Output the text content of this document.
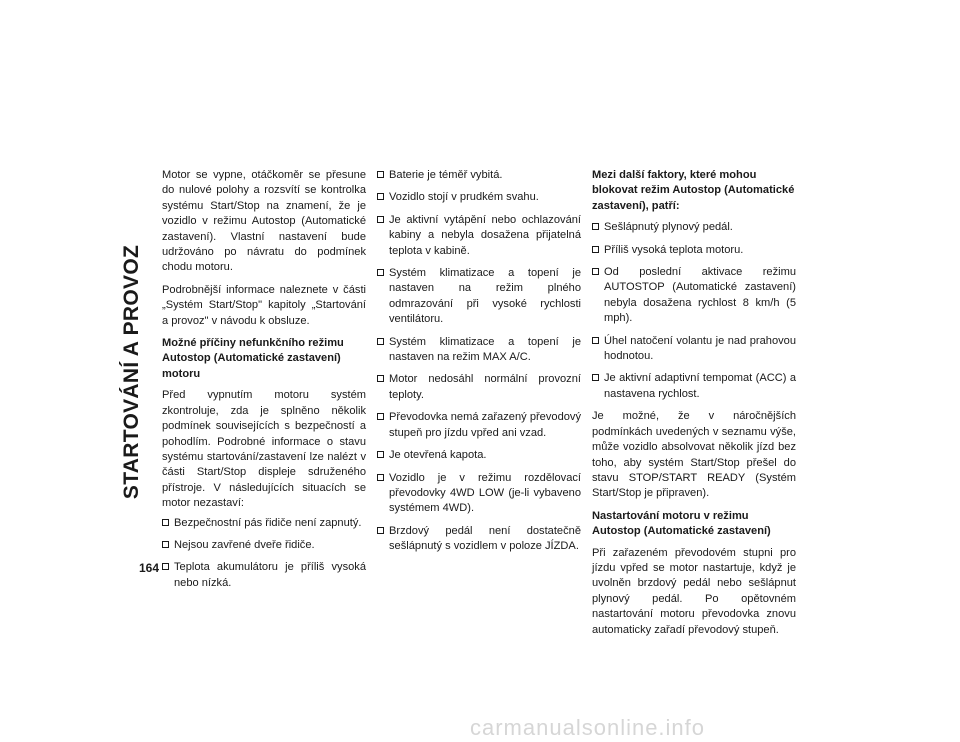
STARTOVÁNÍ A PROVOZ
164

Motor se vypne, otáčkoměr se přesune do nulové polohy a rozsvítí se kontrolka systému Start/Stop na znamení, že je vozidlo v režimu Autostop (Automatické zastavení). Vlastní nastavení bude udržováno po návratu do podmínek chodu motoru.

Podrobnější informace naleznete v části „Systém Start/Stop" kapitoly „Startování a provoz" v návodu k obsluze.

Možné příčiny nefunkčního režimu Autostop (Automatické zastavení) motoru

Před vypnutím motoru systém zkontroluje, zda je splněno několik podmínek souvisejících s bezpečností a pohodlím. Podrobné informace o stavu systému startování/zastavení lze nalézt v části Start/Stop displeje sdruženého přístroje. V následujících situacích se motor nezastaví:

Bezpečnostní pás řidiče není zapnutý.
Nejsou zavřené dveře řidiče.
Teplota akumulátoru je příliš vysoká nebo nízká.
Baterie je téměř vybitá.
Vozidlo stojí v prudkém svahu.
Je aktivní vytápění nebo ochlazování kabiny a nebyla dosažena přijatelná teplota v kabině.
Systém klimatizace a topení je nastaven na režim plného odmrazování při vysoké rychlosti ventilátoru.
Systém klimatizace a topení je nastaven na režim MAX A/C.
Motor nedosáhl normální provozní teploty.
Převodovka nemá zařazený převodový stupeň pro jízdu vpřed ani vzad.
Je otevřená kapota.
Vozidlo je v režimu rozdělovací převodovky 4WD LOW (je-li vybaveno systémem 4WD).
Brzdový pedál není dostatečně sešlápnutý s vozidlem v poloze JÍZDA.
Mezi další faktory, které mohou blokovat režim Autostop (Automatické zastavení), patří:
Sešlápnutý plynový pedál.
Příliš vysoká teplota motoru.
Od poslední aktivace režimu AUTOSTOP (Automatické zastavení) nebyla dosažena rychlost 8 km/h (5 mph).
Úhel natočení volantu je nad prahovou hodnotou.
Je aktivní adaptivní tempomat (ACC) a nastavena rychlost.

Je možné, že v náročnějších podmínkách uvedených v seznamu výše, může vozidlo absolvovat několik jízd bez toho, aby systém Start/Stop přešel do stavu STOP/START READY (Systém Start/Stop je připraven).

Nastartování motoru v režimu Autostop (Automatické zastavení)

Při zařazeném převodovém stupni pro jízdu vpřed se motor nastartuje, když je uvolněn brzdový pedál nebo sešlápnut plynový pedál. Po opětovném nastartování motoru převodovka znovu automaticky zařadí převodový stupeň.

carmanualsonline.info
